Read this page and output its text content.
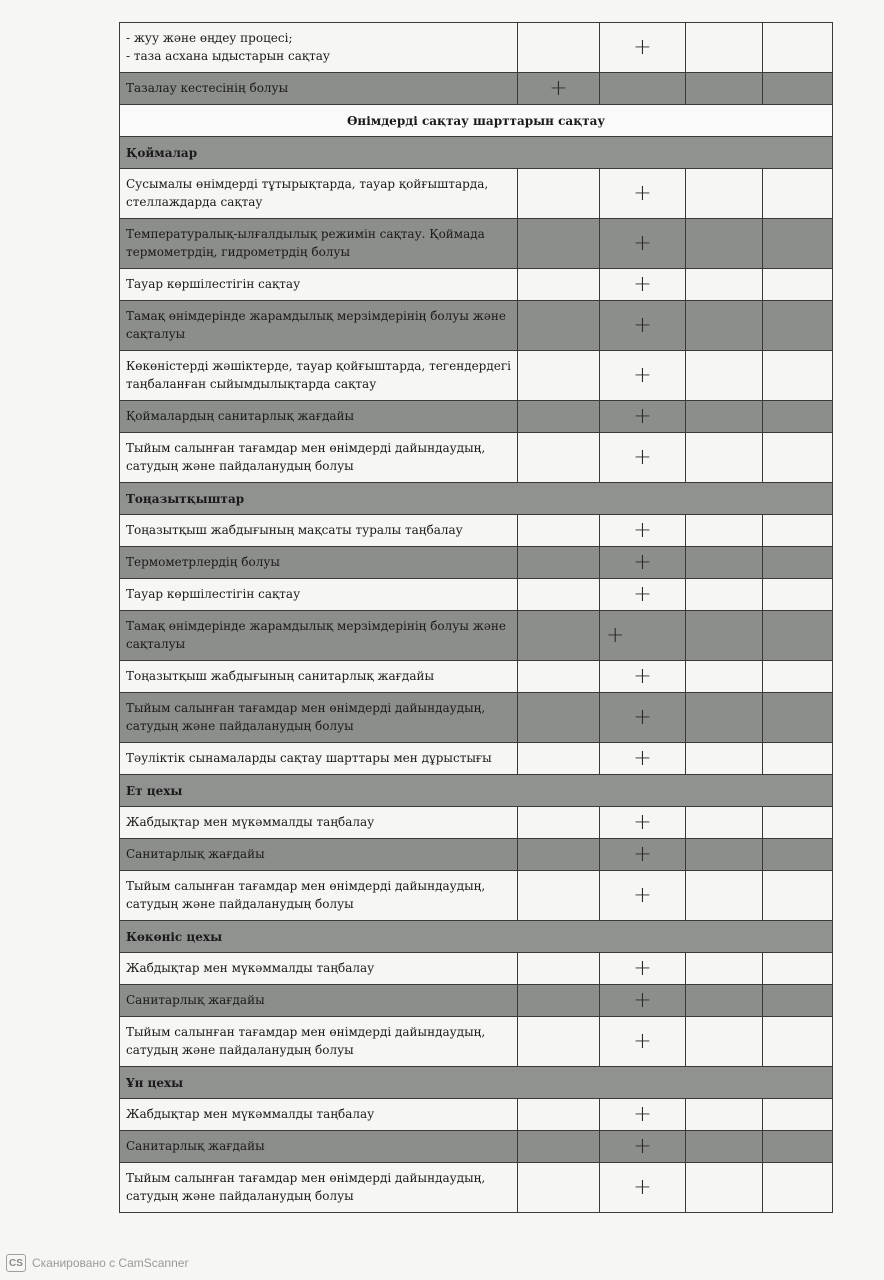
- жуу және өңдеу процесі;
- таза асхана ыдыстарын сақтау		+		

Тазалау кестесінің болуы	+			
Өнімдерді сақтау шарттарын сақтау				
Қоймалар				

Сусымалы өнімдерді тұтырықтарда, тауар қойғыштарда,
стеллаждарда сақтау		+		

Температуралық-ылғалдылық режимін сақтау. Қоймада
термометрдің, гидрометрдің болуы		+		

Тауар көршілестігін сақтау		+		

Тамақ өнімдерінде жарамдылық мерзімдерінің болуы және
сақталуы		+		

Көкөністерді жәшіктерде, тауар қойғыштарда, тегендердегі
таңбаланған сыйымдылықтарда сақтау		+		

Қоймалардың санитарлық жағдайы		+		

Тыйым салынған тағамдар мен өнімдерді дайындаудың,
сатудың және пайдаланудың болуы		+		
Тоңазытқыштар				

Тоңазытқыш жабдығының мақсаты туралы таңбалау		+		

Термометрлердің болуы		+		

Тауар көршілестігін сақтау		+		

Тамақ өнімдерінде жарамдылық мерзімдерінің болуы және
сақталуы		+		

Тоңазытқыш жабдығының санитарлық жағдайы		+		

Тыйым салынған тағамдар мен өнімдерді дайындаудың,
сатудың және пайдаланудың болуы		+		

Тәуліктік сынамаларды сақтау шарттары мен дұрыстығы		+		
Ет цехы				

Жабдықтар мен мүкәммалды таңбалау		+		

Санитарлық жағдайы		+		

Тыйым салынған тағамдар мен өнімдерді дайындаудың,
сатудың және пайдаланудың болуы		+		
Көкөніс цехы				

Жабдықтар мен мүкәммалды таңбалау		+		

Санитарлық жағдайы		+		

Тыйым салынған тағамдар мен өнімдерді дайындаудың,
сатудың және пайдаланудың болуы		+		
Ұн цехы				

Жабдықтар мен мүкәммалды таңбалау		+		

Санитарлық жағдайы		+		

Тыйым салынған тағамдар мен өнімдерді дайындаудың,
сатудың және пайдаланудың болуы		+		
CS Сканировано с CamScanner
